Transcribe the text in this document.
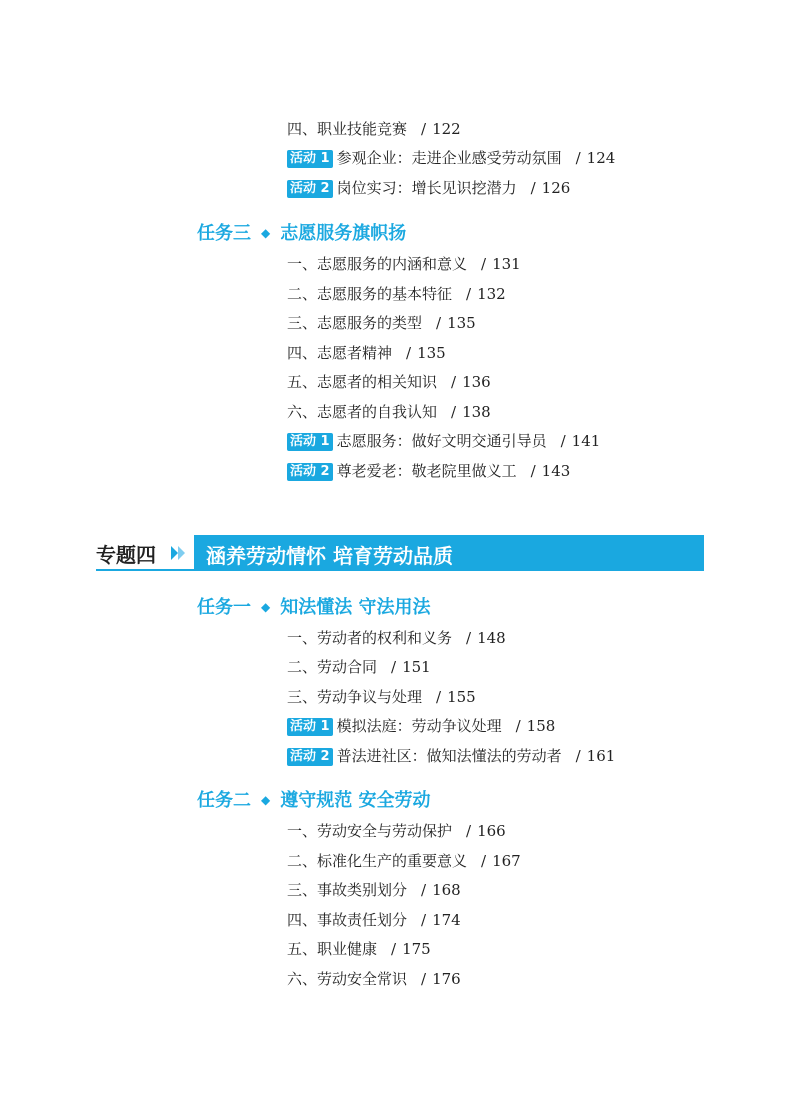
四、职业技能竞赛 / 122
活动 1 参观企业：走进企业感受劳动氛围 / 124
活动 2 岗位实习：增长见识挖潜力 / 126
任务三 ◆ 志愿服务旗帜扬
一、志愿服务的内涵和意义 / 131
二、志愿服务的基本特征 / 132
三、志愿服务的类型 / 135
四、志愿者精神 / 135
五、志愿者的相关知识 / 136
六、志愿者的自我认知 / 138
活动 1 志愿服务：做好文明交通引导员 / 141
活动 2 尊老爱老：敬老院里做义工 / 143
专题四	涵养劳动情怀 培育劳动品质
任务一 ◆ 知法懂法 守法用法
一、劳动者的权利和义务 / 148
二、劳动合同 / 151
三、劳动争议与处理 / 155
活动 1 模拟法庭：劳动争议处理 / 158
活动 2 普法进社区：做知法懂法的劳动者 / 161
任务二 ◆ 遵守规范 安全劳动
一、劳动安全与劳动保护 / 166
二、标准化生产的重要意义 / 167
三、事故类别划分 / 168
四、事故责任划分 / 174
五、职业健康 / 175
六、劳动安全常识 / 176
